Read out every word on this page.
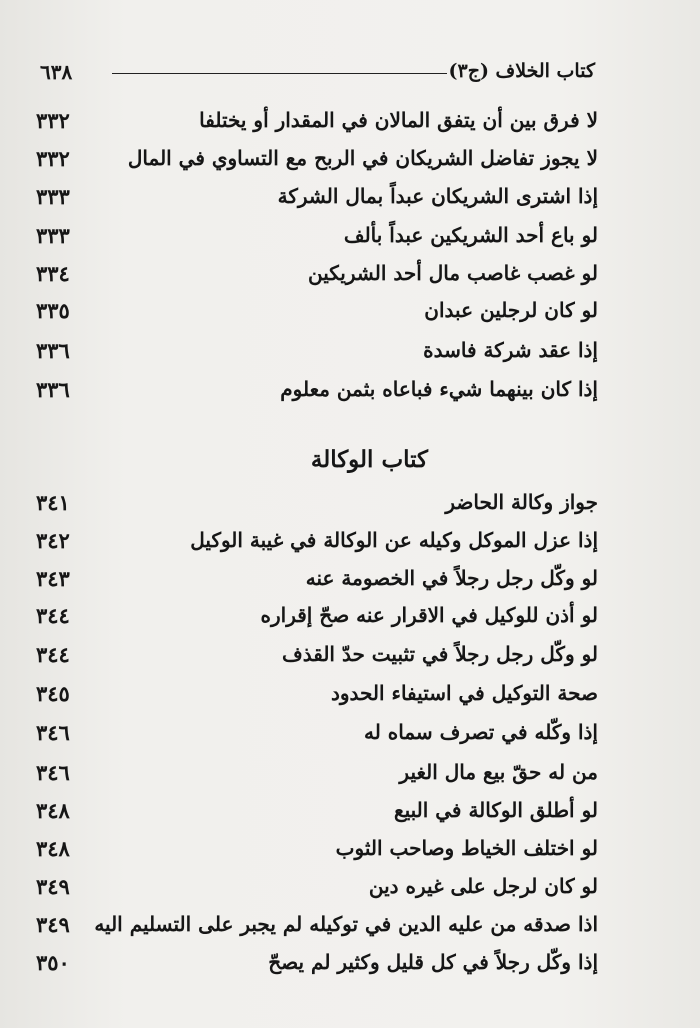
٦٣٨	كتاب الخلاف (ج٣)
لا فرق بين أن يتفق المالان في المقدار أو يختلفا
٣٣٢
لا يجوز تفاضل الشريكان في الربح مع التساوي في المال
٣٣٢
إذا اشترى الشريكان عبداً بمال الشركة
٣٣٣
لو باع أحد الشريكين عبداً بألف
٣٣٣
لو غصب غاصب مال أحد الشريكين
٣٣٤
لو كان لرجلين عبدان
٣٣٥
إذا عقد شركة فاسدة
٣٣٦
إذا كان بينهما شيء فباعاه بثمن معلوم
٣٣٦
كتاب الوكالة
جواز وكالة الحاضر
٣٤١
إذا عزل الموكل وكيله عن الوكالة في غيبة الوكيل
٣٤٢
لو وكّل رجل رجلاً في الخصومة عنه
٣٤٣
لو أذن للوكيل في الاقرار عنه صحّ إقراره
٣٤٤
لو وكّل رجل رجلاً في تثبيت حدّ القذف
٣٤٤
صحة التوكيل في استيفاء الحدود
٣٤٥
إذا وكّله في تصرف سماه له
٣٤٦
من له حقّ بيع مال الغير
٣٤٦
لو أطلق الوكالة في البيع
٣٤٨
لو اختلف الخياط وصاحب الثوب
٣٤٨
لو كان لرجل على غيره دين
٣٤٩
اذا صدقه من عليه الدين في توكيله لم يجبر على التسليم اليه
٣٤٩
إذا وكّل رجلاً في كل قليل وكثير لم يصحّ
٣٥٠
